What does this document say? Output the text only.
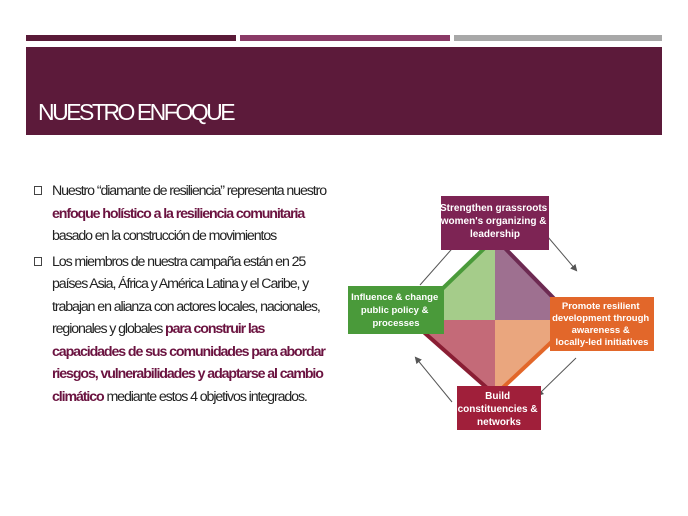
NUESTRO ENFOQUE
Nuestro “diamante de resiliencia” representa nuestro enfoque holístico a la resiliencia comunitaria basado en la construcción de movimientos
Los miembros de nuestra campaña están en 25 países Asia, África y América Latina y el Caribe, y trabajan en alianza con actores locales, nacionales, regionales y globales para construir las capacidades de sus comunidades para abordar riesgos, vulnerabilidades y adaptarse al cambio climático mediante estos 4 objetivos integrados.
Strengthen grassroots women's organizing & leadership
Influence & change public policy & processes
Promote resilient development through awareness & locally-led initiatives
Build constituencies & networks
